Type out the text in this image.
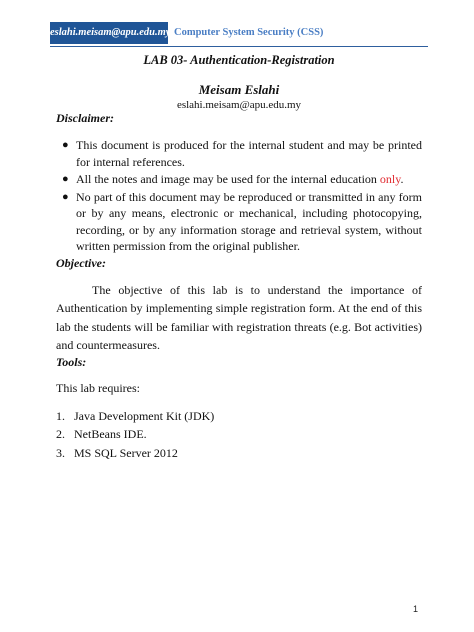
eslahi.meisam@apu.edu.my Computer System Security (CSS)

LAB 03- Authentication-Registration

Meisam Eslahi

eslahi.meisam@apu.edu.my

Disclaimer:
● This document is produced for the internal student and may be printed for internal references.
● All the notes and image may be used for the internal education only.
● No part of this document may be reproduced or transmitted in any form or by any means, electronic or mechanical, including photocopying, recording, or by any information storage and retrieval system, without written permission from the original publisher.
Objective:

The objective of this lab is to understand the importance of Authentication by implementing simple registration form. At the end of this lab the students will be familiar with registration threats (e.g. Bot activities) and countermeasures.

Tools:

This lab requires:

1. Java Development Kit (JDK)
2. NetBeans IDE.
3. MS SQL Server 2012
1
